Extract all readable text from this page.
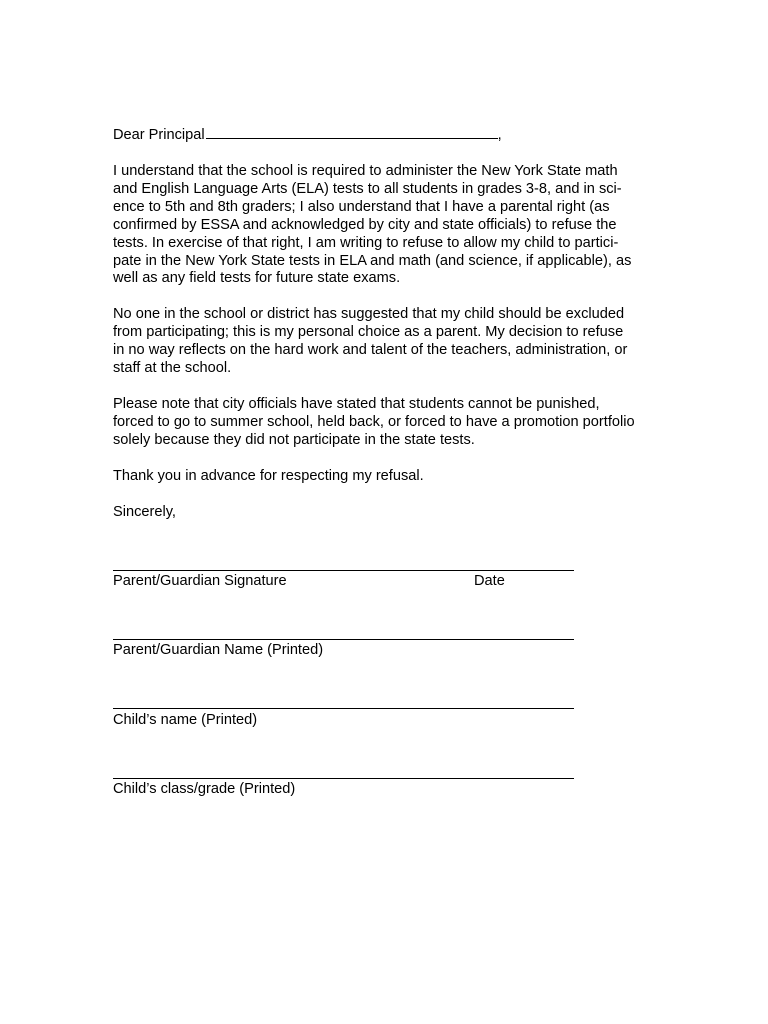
Dear Principal	,
I understand that the school is required to administer the New York State math
and English Language Arts (ELA) tests to all students in grades 3-8, and in sci-
ence to 5th and 8th graders; I also understand that I have a parental right (as
confirmed by ESSA and acknowledged by city and state officials) to refuse the
tests. In exercise of that right, I am writing to refuse to allow my child to partici-
pate in the New York State tests in ELA and math (and science, if applicable), as
well as any field tests for future state exams.
No one in the school or district has suggested that my child should be excluded
from participating; this is my personal choice as a parent. My decision to refuse
in no way reflects on the hard work and talent of the teachers, administration, or
staff at the school.
Please note that city officials have stated that students cannot be punished,
forced to go to summer school, held back, or forced to have a promotion portfolio
solely because they did not participate in the state tests.
Thank you in advance for respecting my refusal.
Sincerely,
Parent/Guardian Signature	Date
Parent/Guardian Name (Printed)
Child’s name (Printed)
Child’s class/grade (Printed)
